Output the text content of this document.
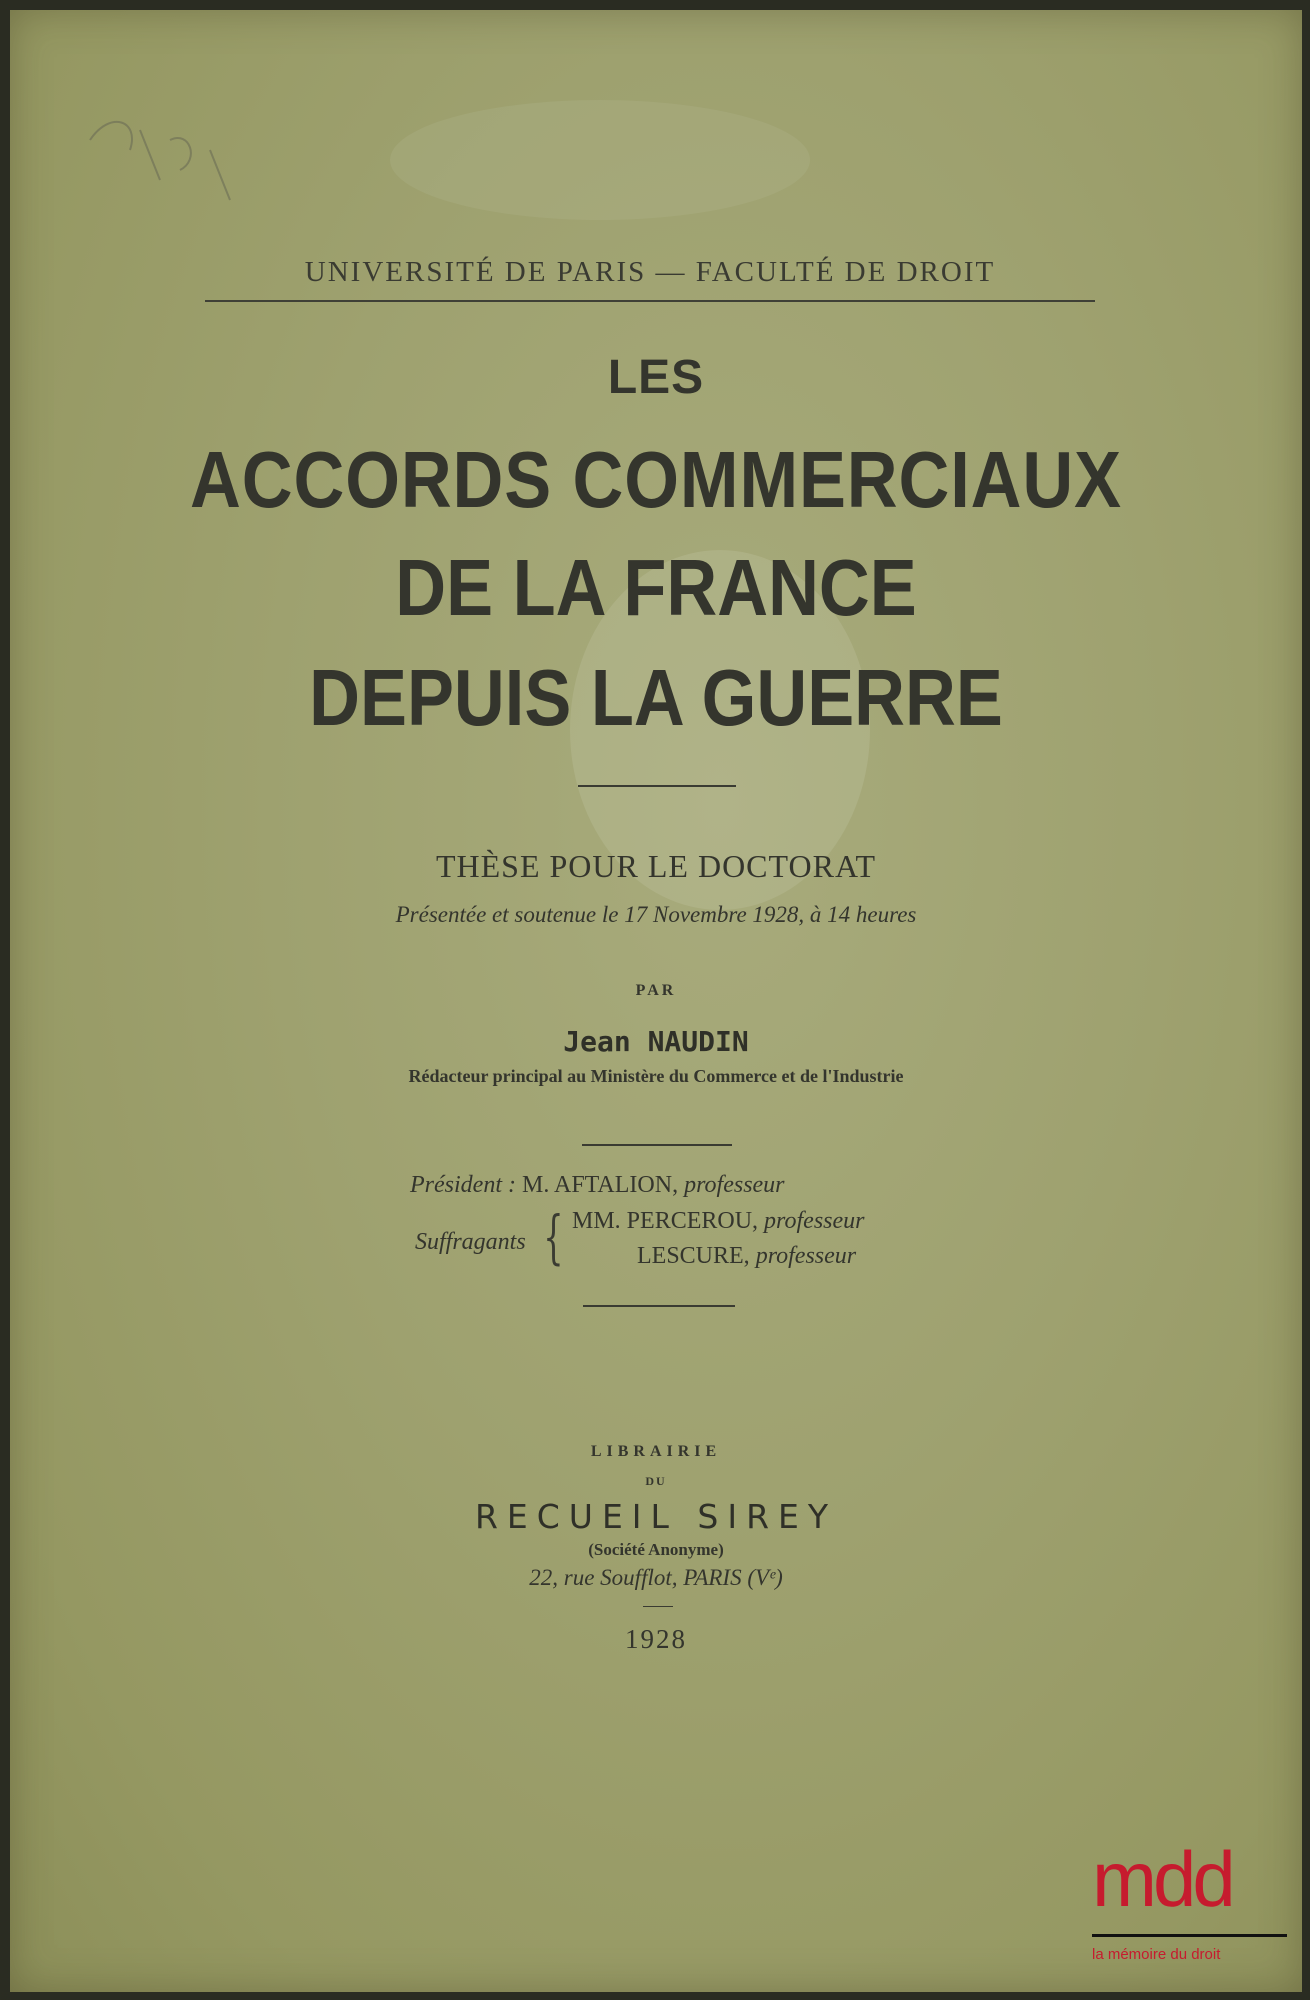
UNIVERSITÉ DE PARIS — FACULTÉ DE DROIT
LES
ACCORDS COMMERCIAUX
DE LA FRANCE
DEPUIS LA GUERRE
THÈSE POUR LE DOCTORAT
Présentée et soutenue le 17 Novembre 1928, à 14 heures
PAR
Jean NAUDIN
Rédacteur principal au Ministère du Commerce et de l'Industrie
Président : M. AFTALION, professeur
Suffragants { MM. PERCEROU, professeur
LESCURE, professeur
LIBRAIRIE
DU
RECUEIL SIREY
(Société Anonyme)
22, rue Soufflot, PARIS (Vᵉ)
1928
mdd
la mémoire du droit
